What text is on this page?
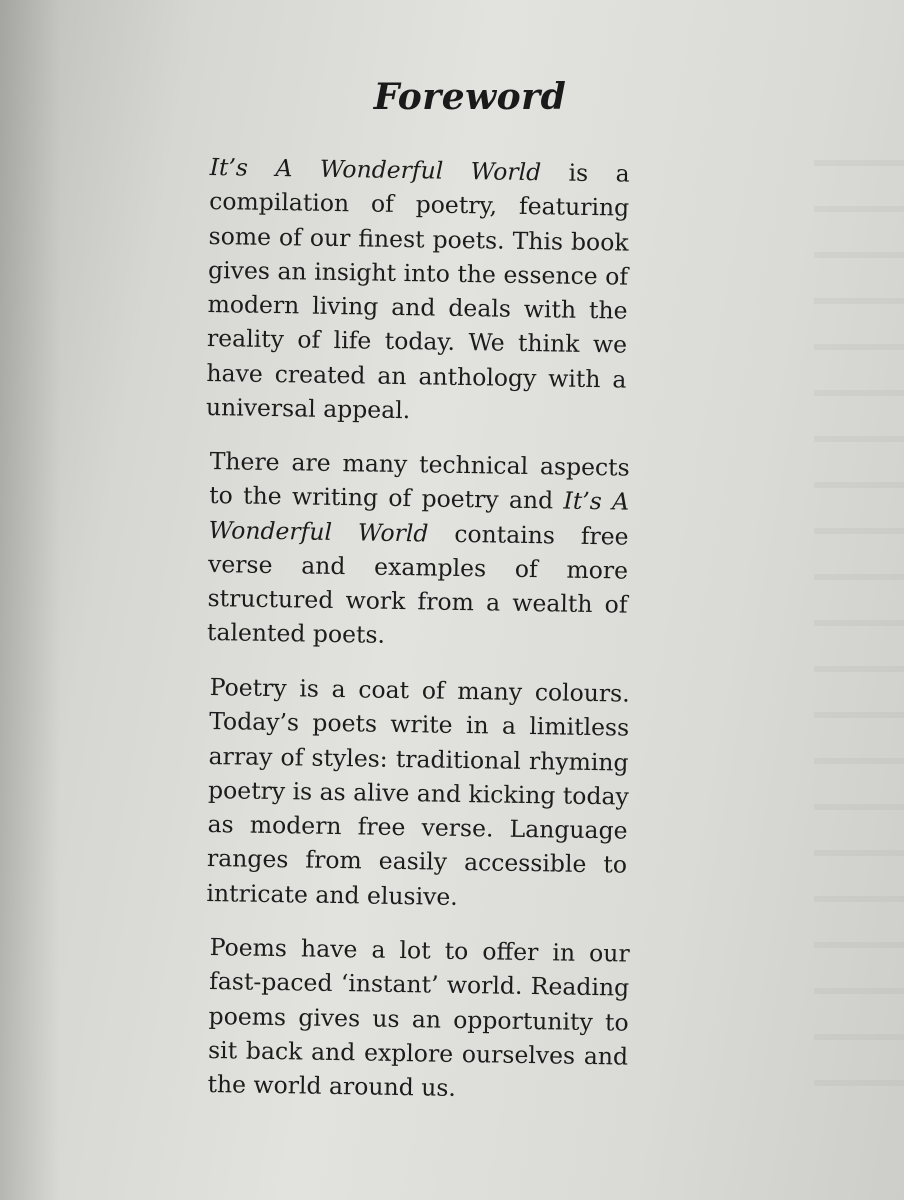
Foreword

It’s A Wonderful World is a
compilation of poetry, featuring
some of our finest poets. This book
gives an insight into the essence of
modern living and deals with the
reality of life today. We think we
have created an anthology with a
universal appeal.

There are many technical aspects
to the writing of poetry and It’s A
Wonderful World contains free
verse and examples of more
structured work from a wealth of
talented poets.

Poetry is a coat of many colours.
Today’s poets write in a limitless
array of styles: traditional rhyming
poetry is as alive and kicking today
as modern free verse. Language
ranges from easily accessible to
intricate and elusive.

Poems have a lot to offer in our
fast-paced ‘instant’ world. Reading
poems gives us an opportunity to
sit back and explore ourselves and
the world around us.
